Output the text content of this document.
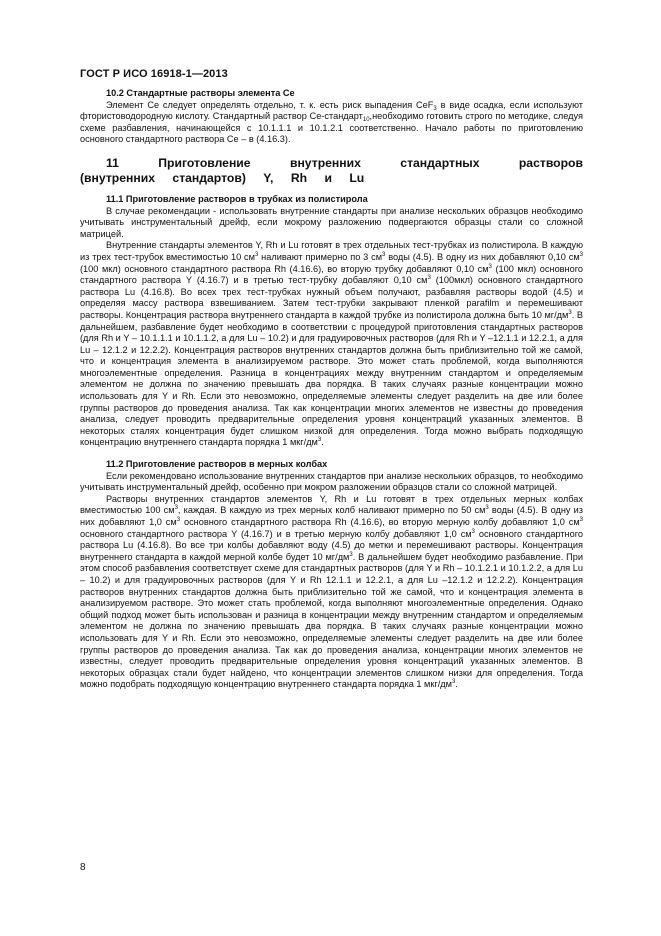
ГОСТ Р ИСО 16918-1—2013

10.2 Стандартные растворы элемента Ce

Элемент Ce следует определять отдельно, т. к. есть риск выпадения CeF$_3$ в виде осадка, если используют фтористоводородную кислоту. Стандартный раствор Ce-стандарт$_{10}$,необходимо готовить строго по методике, следуя схеме разбавления, начинающейся с 10.1.1.1 и 10.1.2.1 соответственно. Начало работы по приготовлению основного стандартного раствора Ce – в (4.16.3).

11 Приготовление внутренних стандартных растворов (внутренних стандартов) Y, Rh и Lu

11.1 Приготовление растворов в трубках из полистирола

В случае рекомендации - использовать внутренние стандарты при анализе нескольких образцов необходимо учитывать инструментальный дрейф, если мокрому разложению подвергаются образцы стали со сложной матрицей.

Внутренние стандарты элементов Y, Rh и Lu готовят в трех отдельных тест-трубках из полистирола. В каждую из трех тест-трубок вместимостью 10 $см^3$ наливают примерно по 3 $см^3$ воды (4.5). В одну из них добавляют 0,10 $см^3$ (100 мкл) основного стандартного раствора Rh (4.16.6), во вторую трубку добавляют 0,10 $см^3$ (100 мкл) основного стандартного раствора Y (4.16.7) и в третью тест-трубку добавляют 0,10 $см^3$ (100мкл) основного стандартного раствора Lu (4.16.8). Во всех трех тест-трубках нужный объем получают, разбавляя растворы водой (4.5) и определяя массу раствора взвешиванием. Затем тест-трубки закрывают пленкой parafilm и перемешивают растворы. Концентрация раствора внутреннего стандарта в каждой трубке из полистирола должна быть 10 $мг/дм^3$. В дальнейшем, разбавление будет необходимо в соответствии с процедурой приготовления стандартных растворов (для Rh и Y – 10.1.1.1 и 10.1.1.2, а для Lu – 10.2) и для градуировочных растворов (для Rh и Y –12.1.1 и 12.2.1, а для Lu – 12.1.2 и 12.2.2). Концентрация растворов внутренних стандартов должна быть приблизительно той же самой, что и концентрация элемента в анализируемом растворе. Это может стать проблемой, когда выполняются многоэлементные определения. Разница в концентрациях между внутренним стандартом и определяемым элементом не должна по значению превышать два порядка. В таких случаях разные концентрации можно использовать для Y и Rh. Если это невозможно, определяемые элементы следует разделить на две или более группы растворов до проведения анализа. Так как концентрации многих элементов не известны до проведения анализа, следует проводить предварительные определения уровня концентраций указанных элементов. В некоторых сталях концентрация будет слишком низкой для определения. Тогда можно выбрать подходящую концентрацию внутреннего стандарта порядка 1 мкг/$дм^3$.

11.2 Приготовление растворов в мерных колбах

Если рекомендовано использование внутренних стандартов при анализе нескольких образцов, то необходимо учитывать инструментальный дрейф, особенно при мокром разложении образцов стали со сложной матрицей.

Растворы внутренних стандартов элементов Y, Rh и Lu готовят в трех отдельных мерных колбах вместимостью 100 $см^3$, каждая. В каждую из трех мерных колб наливают примерно по 50 $см^3$ воды (4.5). В одну из них добавляют 1,0 $см^3$ основного стандартного раствора Rh (4.16.6), во вторую мерную колбу добавляют 1,0 $см^3$ основного стандартного раствора Y (4.16.7) и в третью мерную колбу добавляют 1,0 $см^3$ основного стандартного раствора Lu (4.16.8). Во все три колбы добавляют воду (4.5) до метки и перемешивают растворы. Концентрация внутреннего стандарта в каждой мерной колбе будет 10 $мг/дм^3$. В дальнейшем будет необходимо разбавление. При этом способ разбавления соответствует схеме для стандартных растворов (для Y и Rh – 10.1.2.1 и 10.1.2.2, а для Lu – 10.2) и для градуировочных растворов (для Y и Rh 12.1.1 и 12.2.1, а для Lu –12.1.2 и 12.2.2). Концентрация растворов внутренних стандартов должна быть приблизительно той же самой, что и концентрация элемента в анализируемом растворе. Это может стать проблемой, когда выполняют многоэлементные определения. Однако общий подход может быть использован и разница в концентрации между внутренним стандартом и определяемым элементом не должна по значению превышать два порядка. В таких случаях разные концентрации можно использовать для Y и Rh. Если это невозможно, определяемые элементы следует разделить на две или более группы растворов до проведения анализа. Так как до проведения анализа, концентрации многих элементов не известны, следует проводить предварительные определения уровня концентраций указанных элементов. В некоторых образцах стали будет найдено, что концентрации элементов слишком низки для определения. Тогда можно подобрать подходящую концентрацию внутреннего стандарта порядка 1 мкг/$дм^3$.

8
